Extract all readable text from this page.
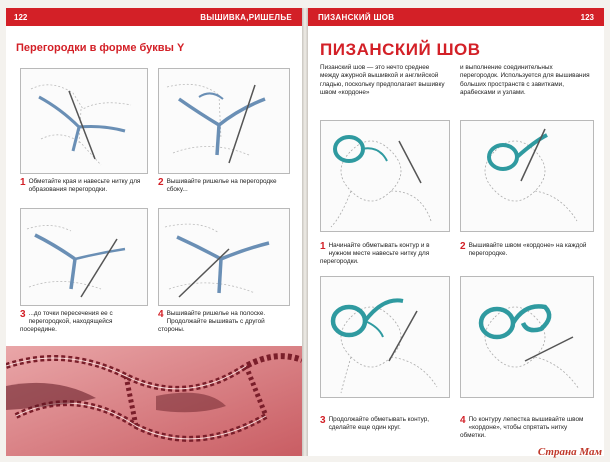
122	ВЫШИВКА,РИШЕЛЬЕ
Перегородки в форме буквы Y
1 Обметайте края и навесьте нитку для образования перегородки.
2 Вышивайте ришелье на перегородке сбоку...
3 ...до точки пересечения ее с перегородкой, находящейся посередине.
4 Вышивайте ришелье на полоске. Продолжайте вышивать с другой стороны.
ПИЗАНСКИЙ ШОВ	123
ПИЗАНСКИЙ ШОВ
Пизанский шов — это нечто среднее между ажурной вышивкой и английской гладью, поскольку предполагает вышивку швом «кордоне»
и выполнение соединительных перегородок. Используется для вышивания больших пространств с завитками, арабесками и узлами.
1 Начинайте обметывать контур и в нужном месте навесьте нитку для перегородки.
2 Вышивайте швом «кордоне» на каждой перегородке.
3 Продолжайте обметывать контур, сделайте еще один круг.
4 По контуру лепестка вышивайте швом «кордоне», чтобы спрятать нитку обметки.
Страна Мам
